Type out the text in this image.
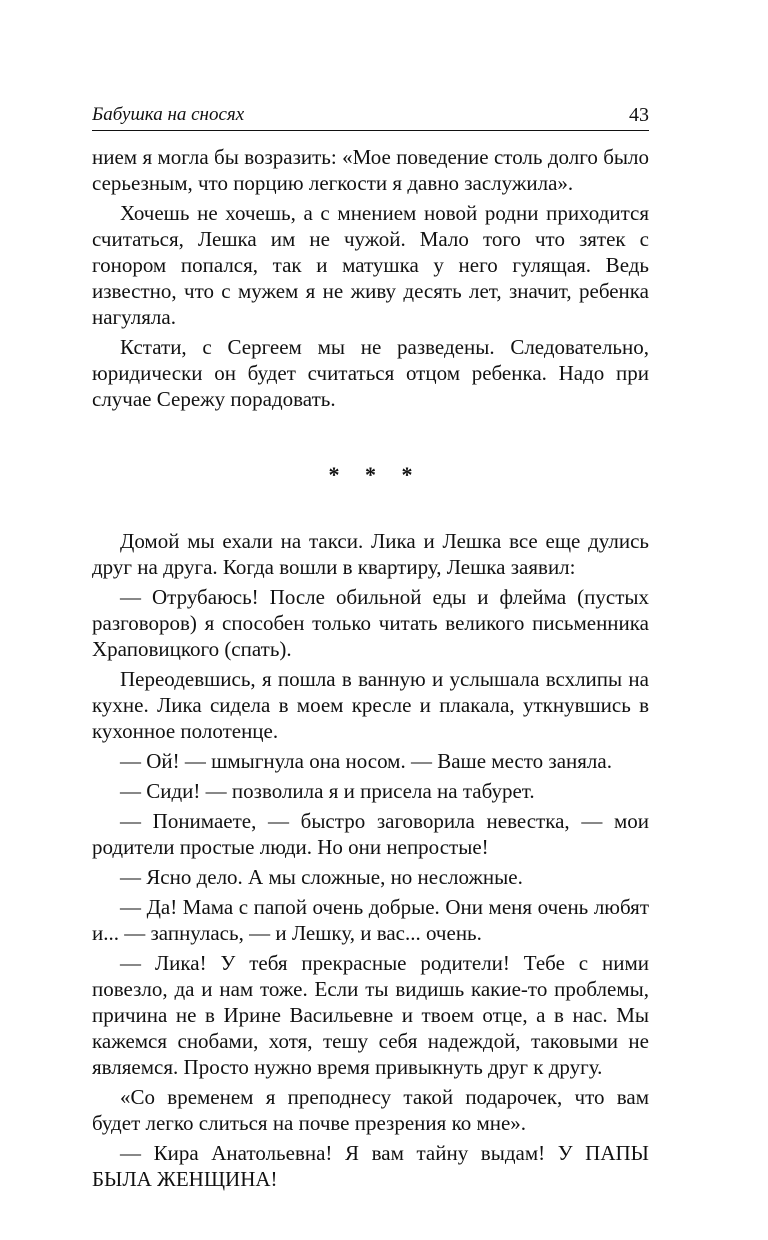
Бабушка на сносях	43

нием я могла бы возразить: «Мое поведение столь долго было серьезным, что порцию легкости я давно заслужила».

Хочешь не хочешь, а с мнением новой родни приходится считаться, Лешка им не чужой. Мало того что зятек с гонором попался, так и матушка у него гулящая. Ведь известно, что с мужем я не живу десять лет, значит, ребенка нагуляла.

Кстати, с Сергеем мы не разведены. Следовательно, юридически он будет считаться отцом ребенка. Надо при случае Сережу порадовать.

* * *

Домой мы ехали на такси. Лика и Лешка все еще дулись друг на друга. Когда вошли в квартиру, Лешка заявил:

— Отрубаюсь! После обильной еды и флейма (пустых разговоров) я способен только читать великого письменника Храповицкого (спать).

Переодевшись, я пошла в ванную и услышала всхлипы на кухне. Лика сидела в моем кресле и плакала, уткнувшись в кухонное полотенце.

— Ой! — шмыгнула она носом. — Ваше место заняла.

— Сиди! — позволила я и присела на табурет.

— Понимаете, — быстро заговорила невестка, — мои родители простые люди. Но они непростые!

— Ясно дело. А мы сложные, но несложные.

— Да! Мама с папой очень добрые. Они меня очень любят и... — запнулась, — и Лешку, и вас... очень.

— Лика! У тебя прекрасные родители! Тебе с ними повезло, да и нам тоже. Если ты видишь какие-то проблемы, причина не в Ирине Васильевне и твоем отце, а в нас. Мы кажемся снобами, хотя, тешу себя надеждой, таковыми не являемся. Просто нужно время привыкнуть друг к другу.

«Со временем я преподнесу такой подарочек, что вам будет легко слиться на почве презрения ко мне».

— Кира Анатольевна! Я вам тайну выдам! У ПАПЫ БЫЛА ЖЕНЩИНА!
